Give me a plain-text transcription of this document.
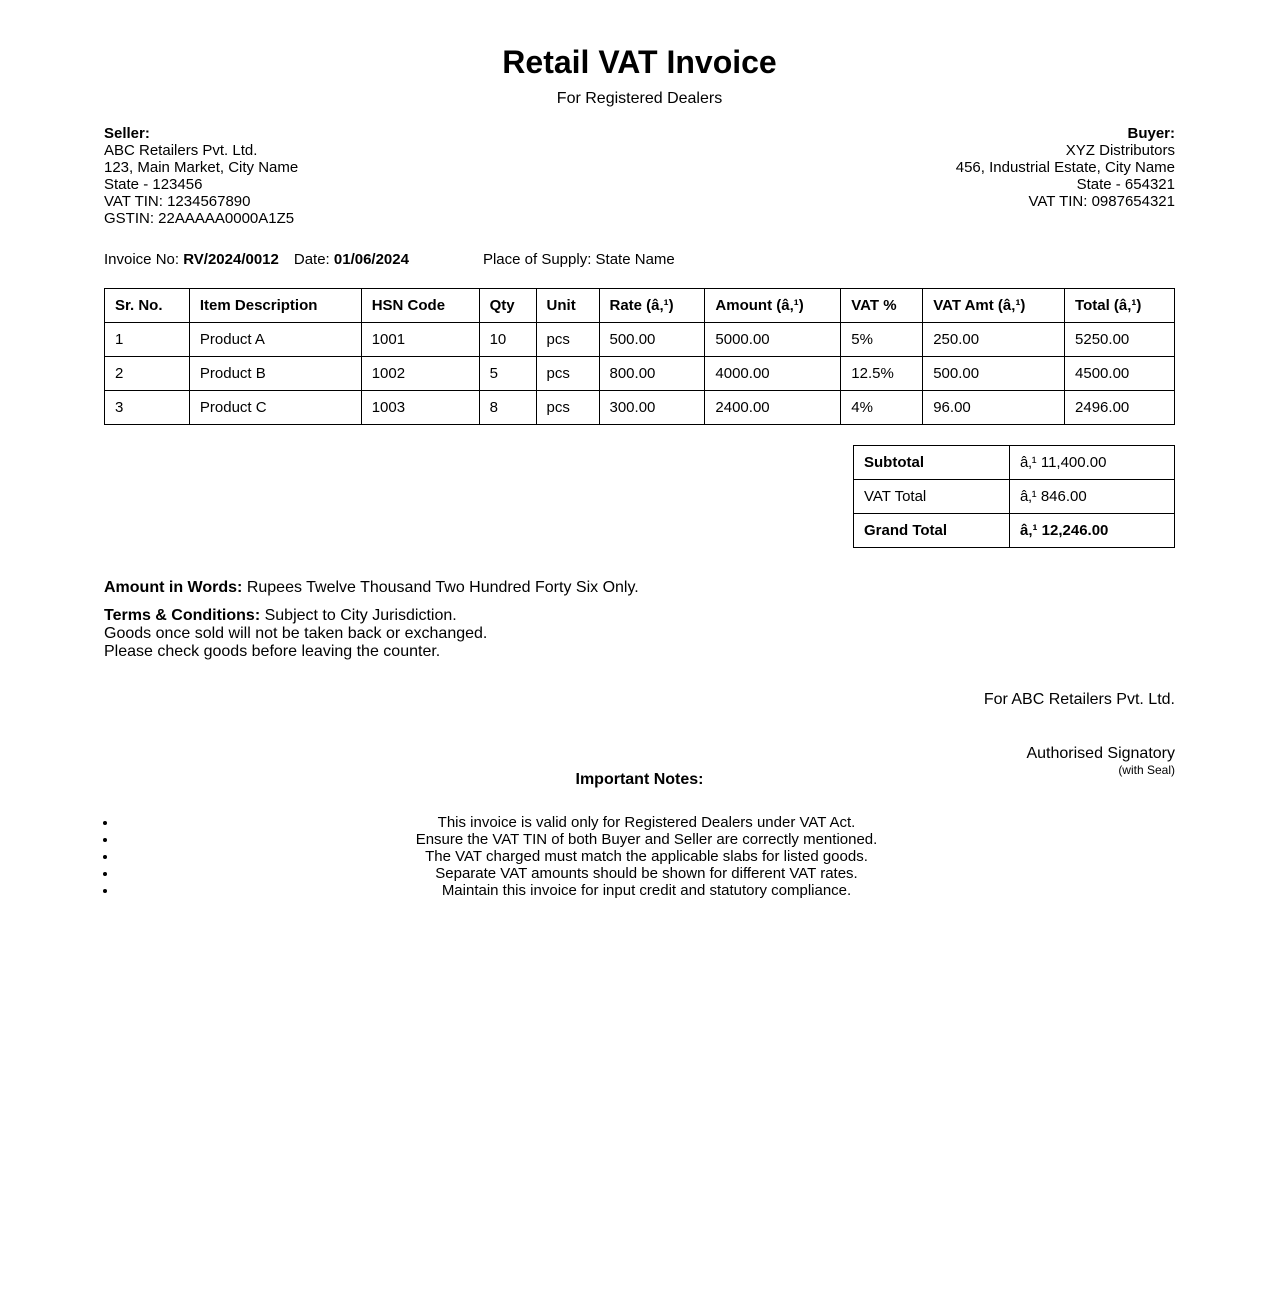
Retail VAT Invoice
For Registered Dealers
Seller:
ABC Retailers Pvt. Ltd.
123, Main Market, City Name
State - 123456
VAT TIN: 1234567890
GSTIN: 22AAAAA0000A1Z5
Buyer:
XYZ Distributors
456, Industrial Estate, City Name
State - 654321
VAT TIN: 0987654321
Invoice No:
RV/2024/0012 Date:
01/06/2024	Place of Supply:
State Name
Sr. No.	Item Description	HSN Code	Qty	Unit	Rate (â‚¹)	Amount (â‚¹)	VAT %	VAT Amt (â‚¹)	Total (â‚¹)
1	Product A	1001	10	pcs	500.00	5000.00	5%	250.00	5250.00
2	Product B	1002	5	pcs	800.00	4000.00	12.5%	500.00	4500.00
3	Product C	1003	8	pcs	300.00	2400.00	4%	96.00	2496.00
Subtotal	â‚¹ 11,400.00
VAT Total	â‚¹ 846.00
Grand Total	â‚¹ 12,246.00
Amount in Words: Rupees Twelve Thousand Two Hundred Forty Six Only.
Terms & Conditions: Subject to City Jurisdiction.
Goods once sold will not be taken back or exchanged.
Please check goods before leaving the counter.
For ABC Retailers Pvt. Ltd.
Authorised Signatory
(with Seal)
Important Notes:
• This invoice is valid only for Registered Dealers under VAT Act.
• Ensure the VAT TIN of both Buyer and Seller are correctly mentioned.
• The VAT charged must match the applicable slabs for listed goods.
• Separate VAT amounts should be shown for different VAT rates.
• Maintain this invoice for input credit and statutory compliance.
